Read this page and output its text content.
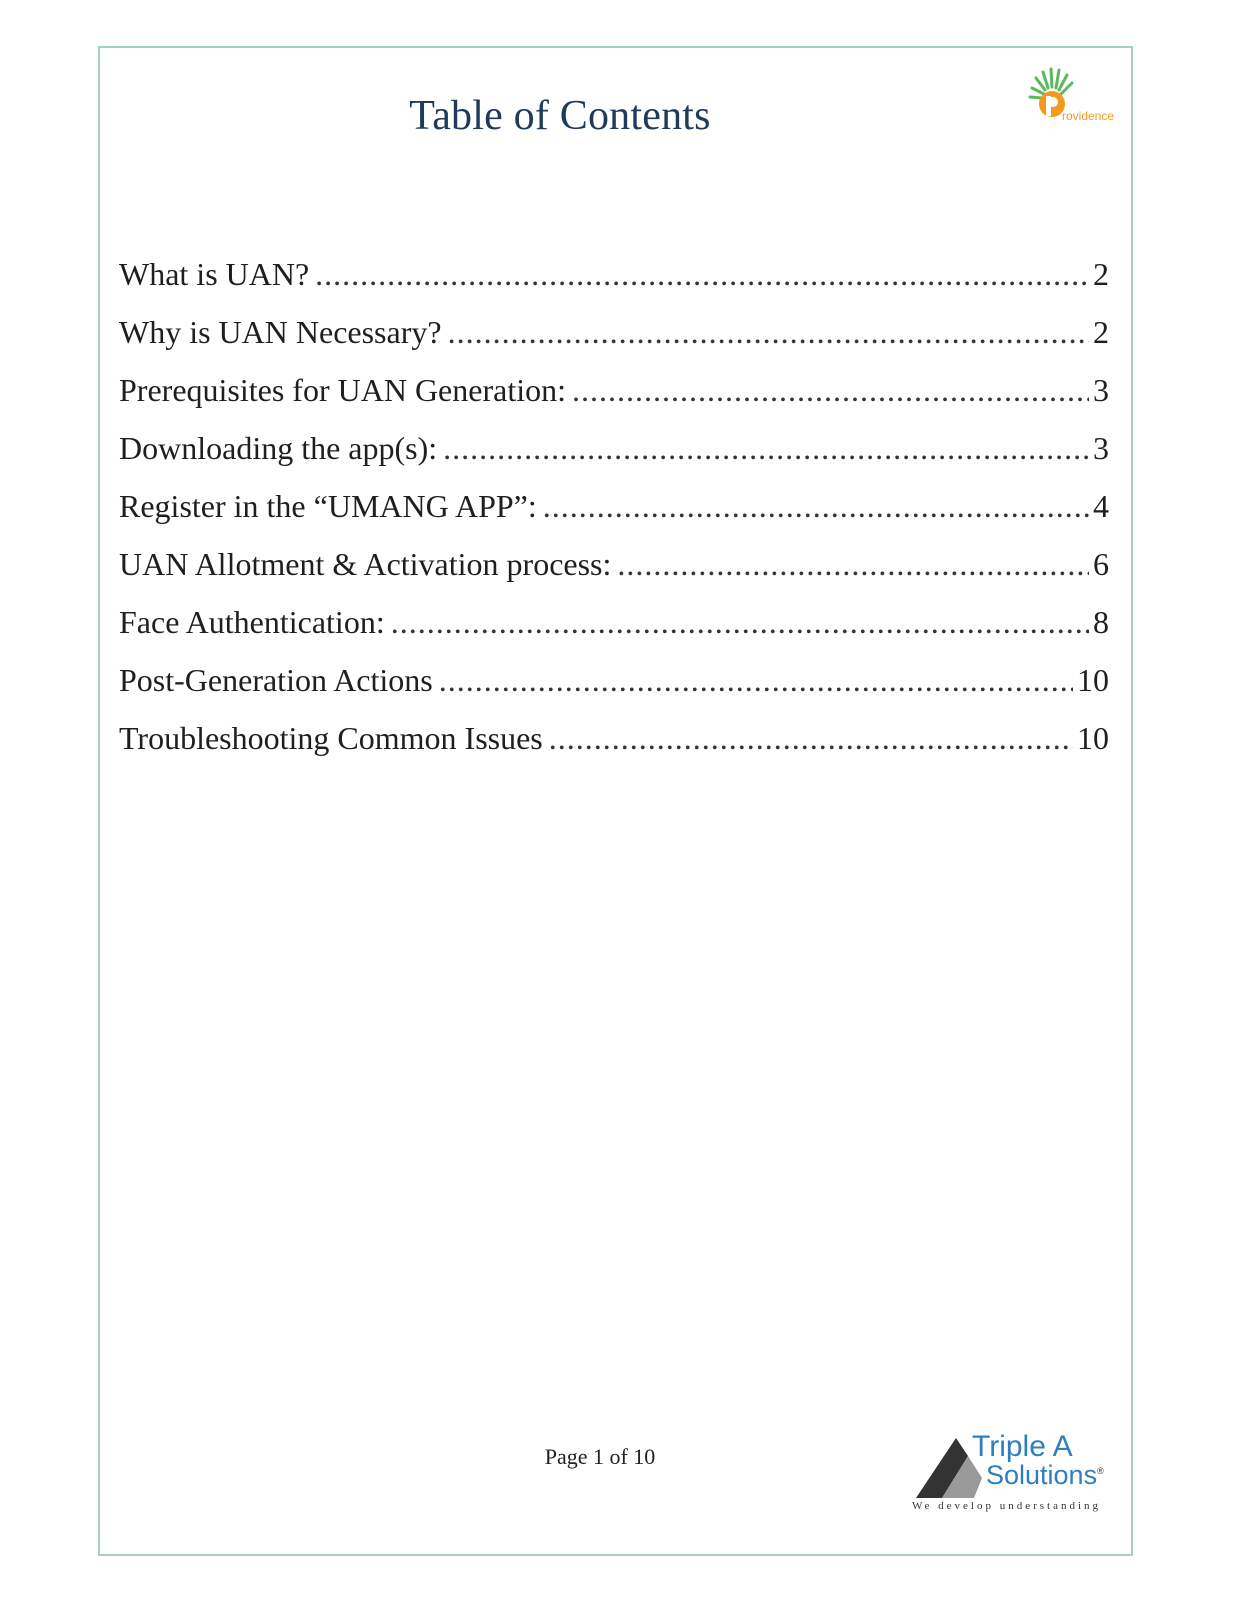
Table of Contents	rovidence
What is UAN? .....	2
Why is UAN Necessary? .....	2
Prerequisites for UAN Generation: .....	3
Downloading the app(s): .....	3
Register in the “UMANG APP”: .....	4
UAN Allotment & Activation process: .....	6
Face Authentication: .....	8
Post-Generation Actions .....	10
Troubleshooting Common Issues .....	10
Page 1 of 10	Triple A
Solutions®
We develop understanding
